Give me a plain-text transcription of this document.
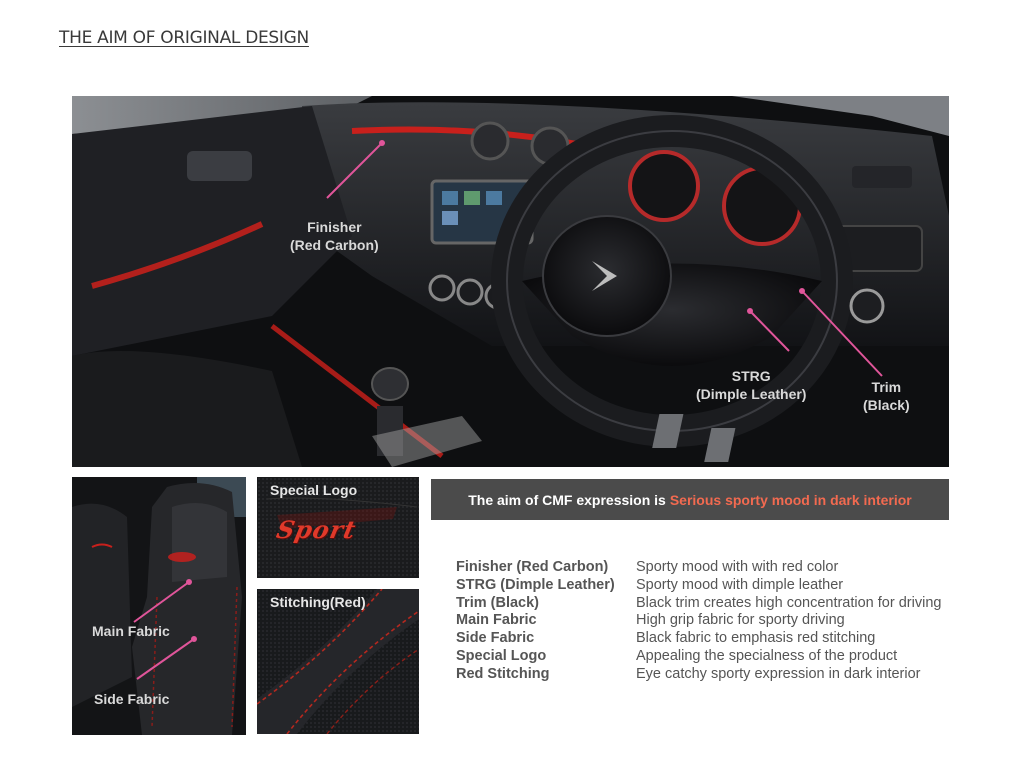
THE AIM OF ORIGINAL DESIGN
Finisher
(Red Carbon)
STRG
(Dimple Leather)	Trim
(Black)
Main Fabric
Side Fabric
Special Logo
Sport
Stitching(Red)
The aim of CMF expression is Serious sporty mood in dark interior
Finisher (Red Carbon)	Sporty mood with with red color
STRG (Dimple Leather)	Sporty mood with dimple leather
Trim (Black)	Black trim creates high concentration for driving
Main Fabric	High grip fabric for sporty driving
Side Fabric	Black fabric to emphasis red stitching
Special Logo	Appealing the specialness of the product
Red Stitching	Eye catchy sporty expression in dark interior
